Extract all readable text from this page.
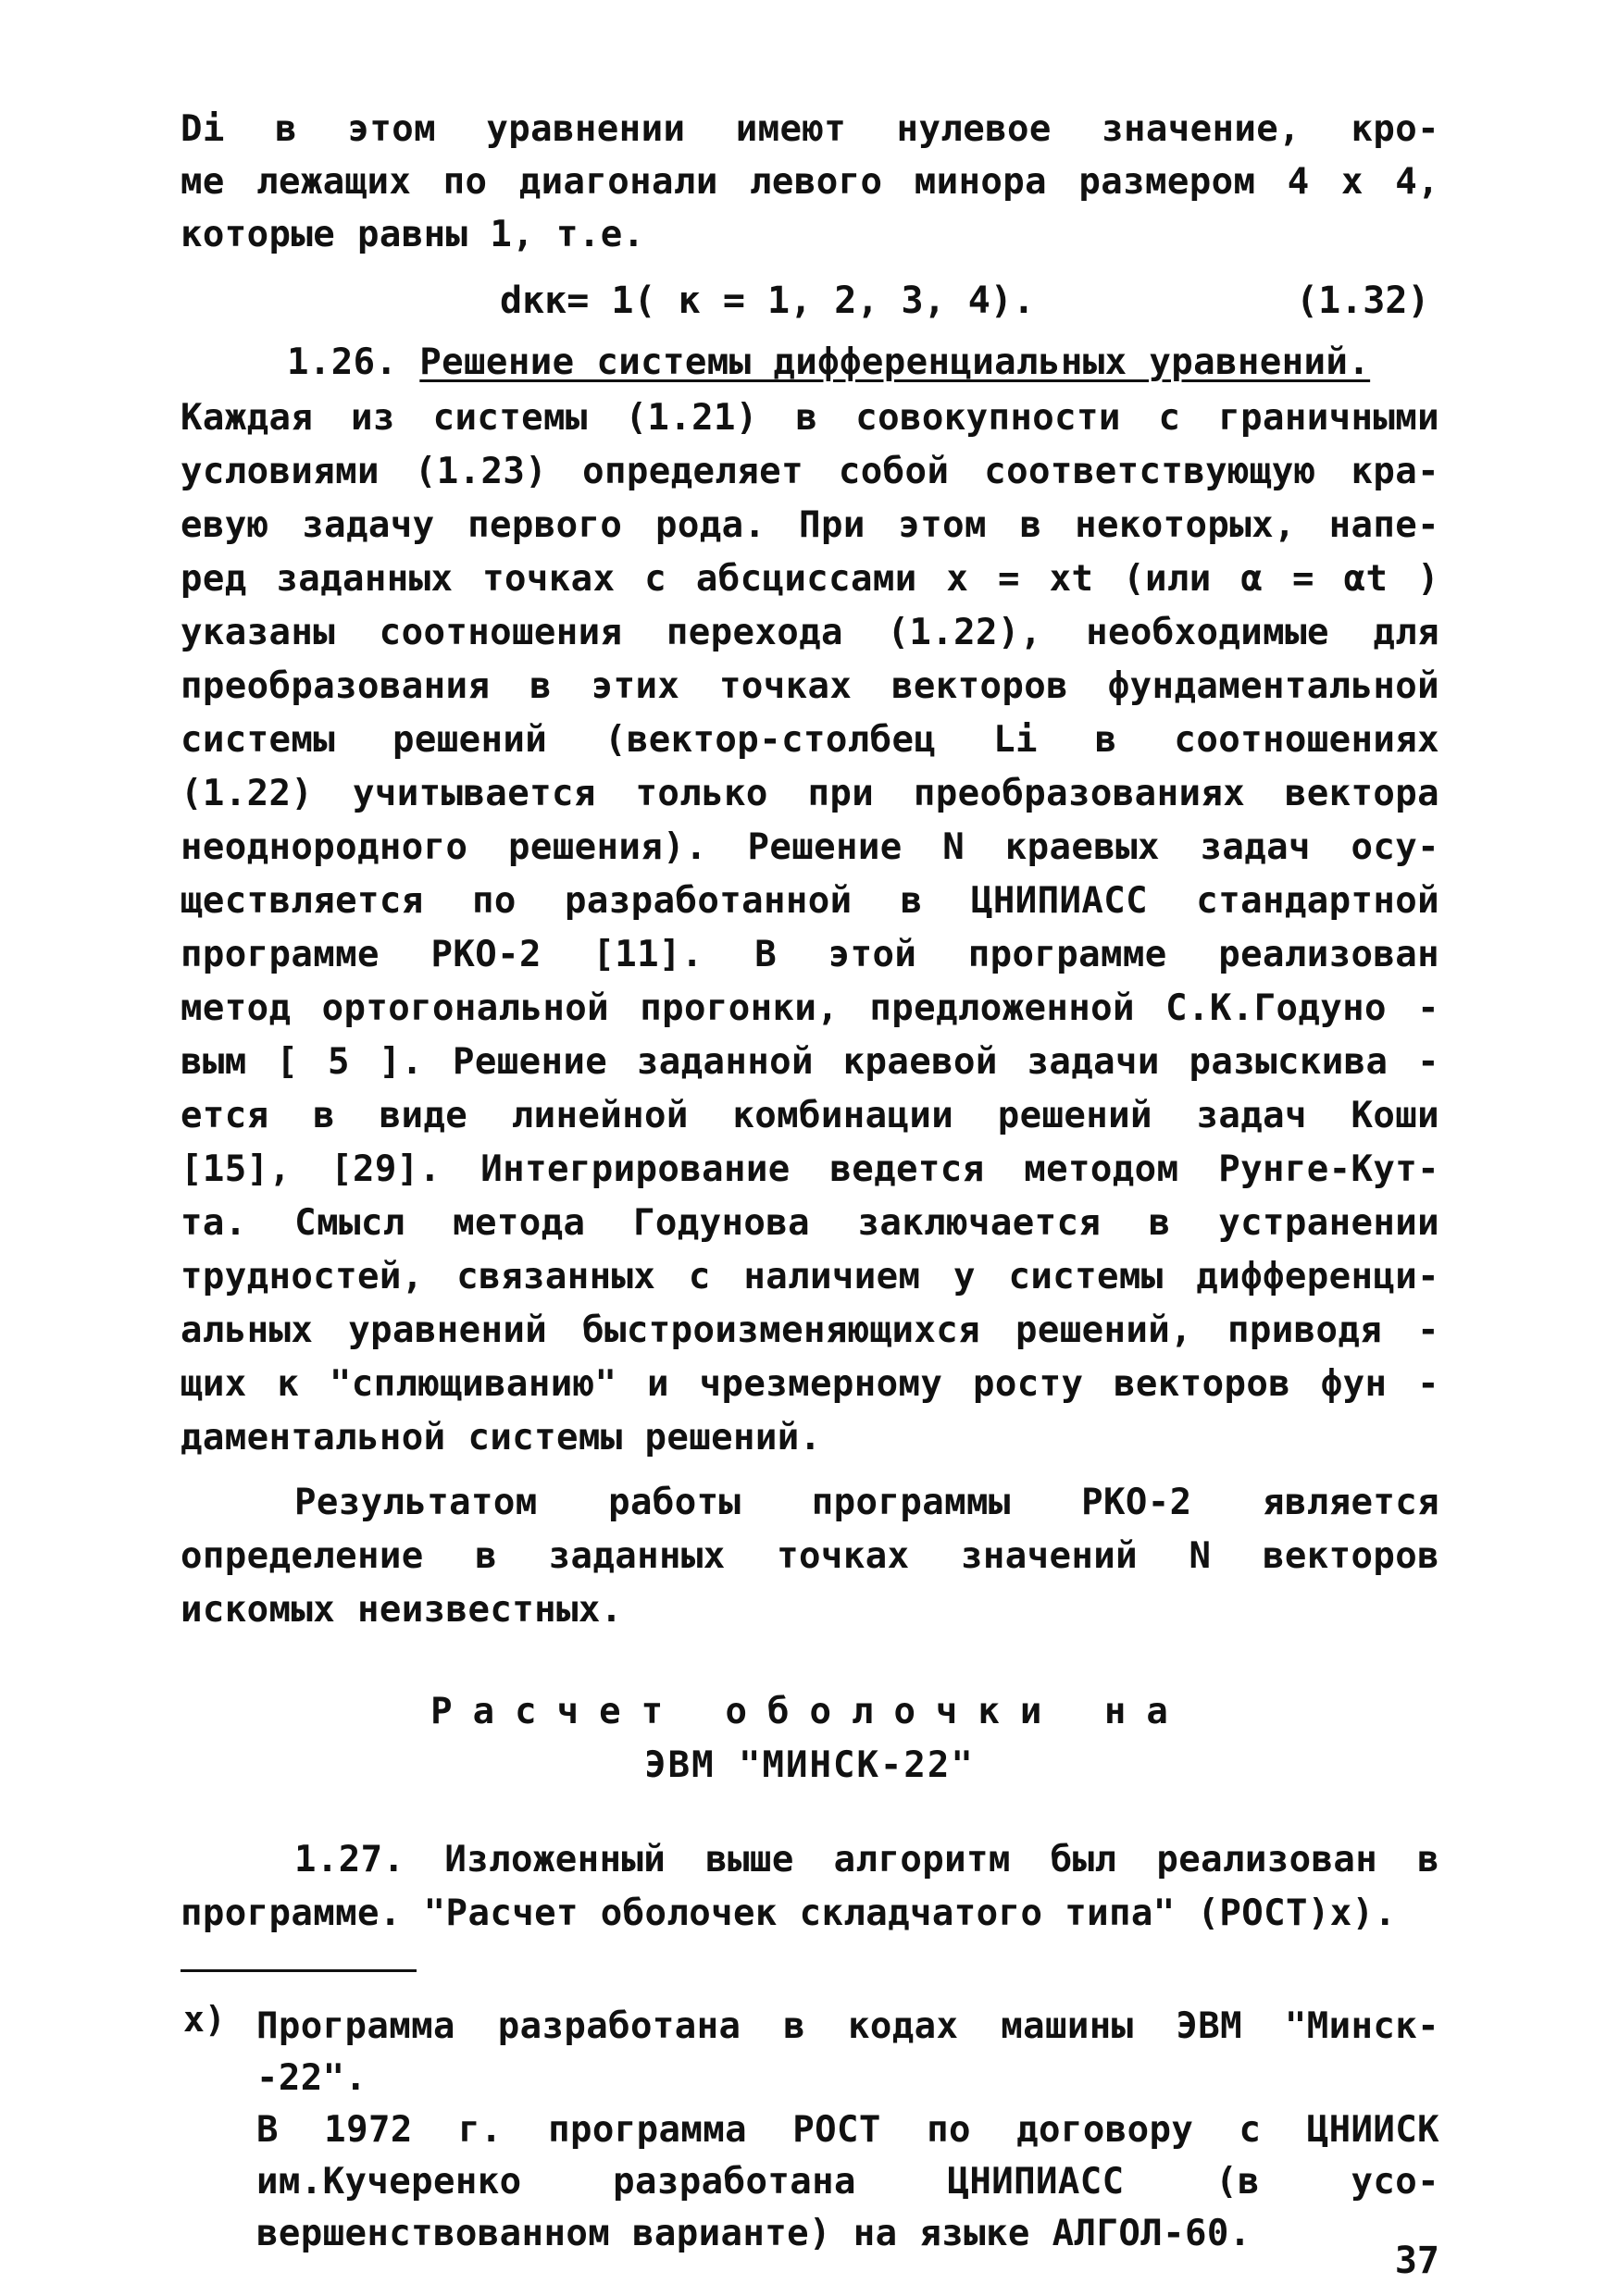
Di в этом уравнении имеют нулевое значение, кро-
ме лежащих по диагонали левого минора размером 4 x 4,
которые равны 1, т.е.
dкк= 1( к = 1, 2, 3, 4).	(1.32)
1.26. Решение системы дифференциальных уравнений.
Каждая из системы (1.21) в совокупности с граничными
условиями (1.23) определяет собой соответствующую кра-
евую задачу первого рода. При этом в некоторых, напе-
ред заданных точках с абсциссами x = xt (или α = αt )
указаны соотношения перехода (1.22), необходимые для
преобразования в этих точках векторов фундаментальной
системы решений (вектор-столбец Li в соотношениях
(1.22) учитывается только при преобразованиях вектора
неоднородного решения). Решение N краевых задач осу-
ществляется по разработанной в ЦНИПИАСС стандартной
программе РКО-2 [11]. В этой программе реализован
метод ортогональной прогонки, предложенной С.К.Годуно -
вым [ 5 ]. Решение заданной краевой задачи разыскива -
ется в виде линейной комбинации решений задач Коши
[15], [29]. Интегрирование ведется методом Рунге-Кут-
та. Смысл метода Годунова заключается в устранении
трудностей, связанных с наличием у системы дифференци-
альных уравнений быстроизменяющихся решений, приводя -
щих к "сплющиванию" и чрезмерному росту векторов фун -
даментальной системы решений.
Результатом работы программы РКО-2 является
определение в заданных точках значений N векторов
искомых неизвестных.
Расчет оболочки на
ЭВМ "МИНСК-22"
1.27. Изложенный выше алгоритм был реализован в
программе. "Расчет оболочек складчатого типа" (РОСТ)x).
x) Программа разработана в кодах машины ЭВМ "Минск-
-22".
В 1972 г. программа РОСТ по договору с ЦНИИСК
им.Кучеренко разработана ЦНИПИАСС (в усо-
вершенствованном варианте) на языке АЛГОЛ-60.
37
